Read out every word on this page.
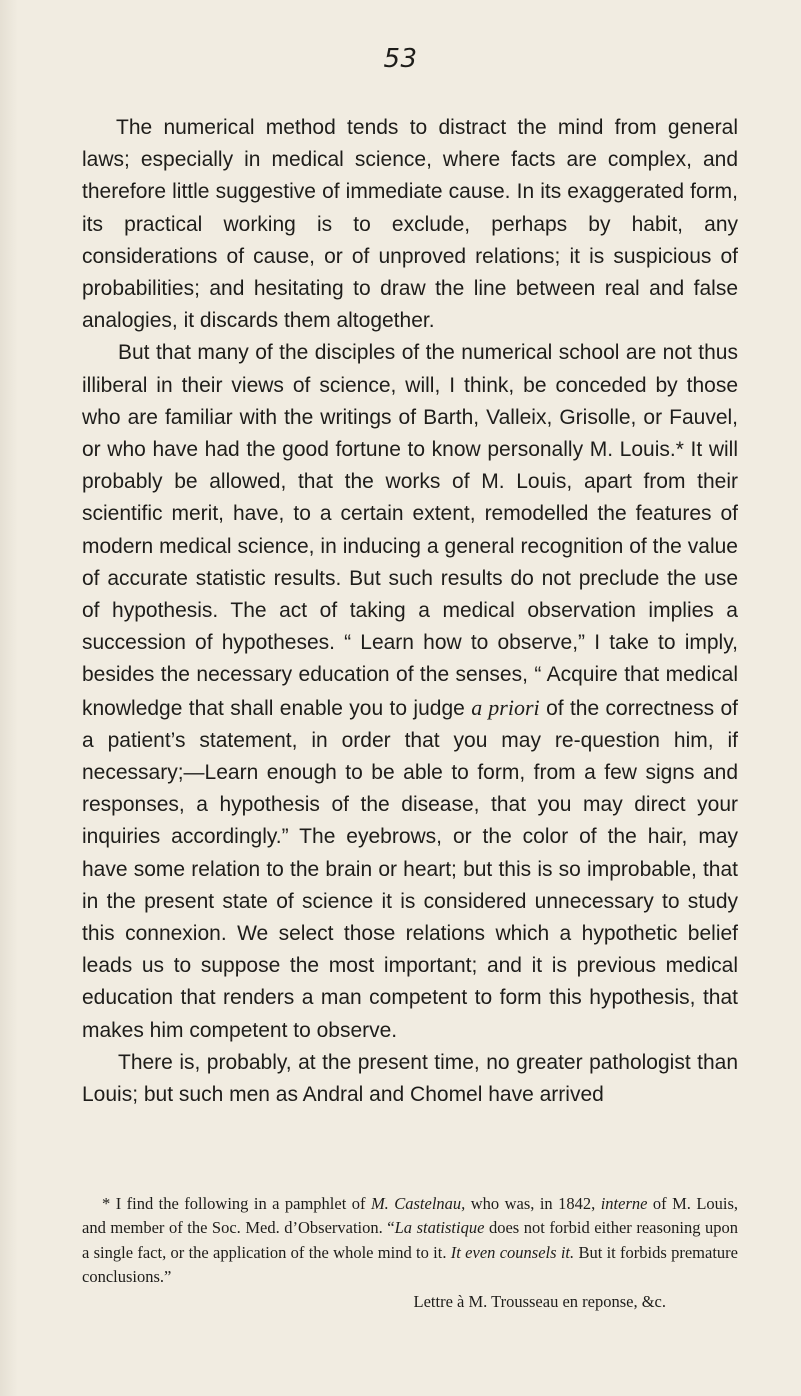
53

The numerical method tends to distract the mind from general laws; especially in medical science, where facts are complex, and therefore little suggestive of immediate cause. In its exaggerated form, its practical working is to exclude, perhaps by habit, any considerations of cause, or of unproved relations; it is suspicious of probabilities; and hesitating to draw the line between real and false analogies, it discards them altogether.

But that many of the disciples of the numerical school are not thus illiberal in their views of science, will, I think, be conceded by those who are familiar with the writings of Barth, Valleix, Grisolle, or Fauvel, or who have had the good fortune to know personally M. Louis.* It will probably be allowed, that the works of M. Louis, apart from their scientific merit, have, to a certain extent, remodelled the features of modern medical science, in inducing a general recognition of the value of accurate statistic results. But such results do not preclude the use of hypothesis. The act of taking a medical observation implies a succession of hypotheses. “ Learn how to observe,” I take to imply, besides the necessary education of the senses, “ Acquire that medical knowledge that shall enable you to judge a priori of the correctness of a patient’s statement, in order that you may re-question him, if necessary;—Learn enough to be able to form, from a few signs and responses, a hypothesis of the disease, that you may direct your inquiries accordingly.” The eyebrows, or the color of the hair, may have some relation to the brain or heart; but this is so improbable, that in the present state of science it is considered unnecessary to study this connexion. We select those relations which a hypothetic belief leads us to suppose the most important; and it is previous medical education that renders a man competent to form this hypothesis, that makes him competent to observe.

There is, probably, at the present time, no greater pathologist than Louis; but such men as Andral and Chomel have arrived

* I find the following in a pamphlet of M. Castelnau, who was, in 1842, interne of M. Louis, and member of the Soc. Med. d’Observation. “La statistique does not forbid either reasoning upon a single fact, or the application of the whole mind to it. It even counsels it. But it forbids premature conclusions.”
Lettre à M. Trousseau en reponse, &c.
